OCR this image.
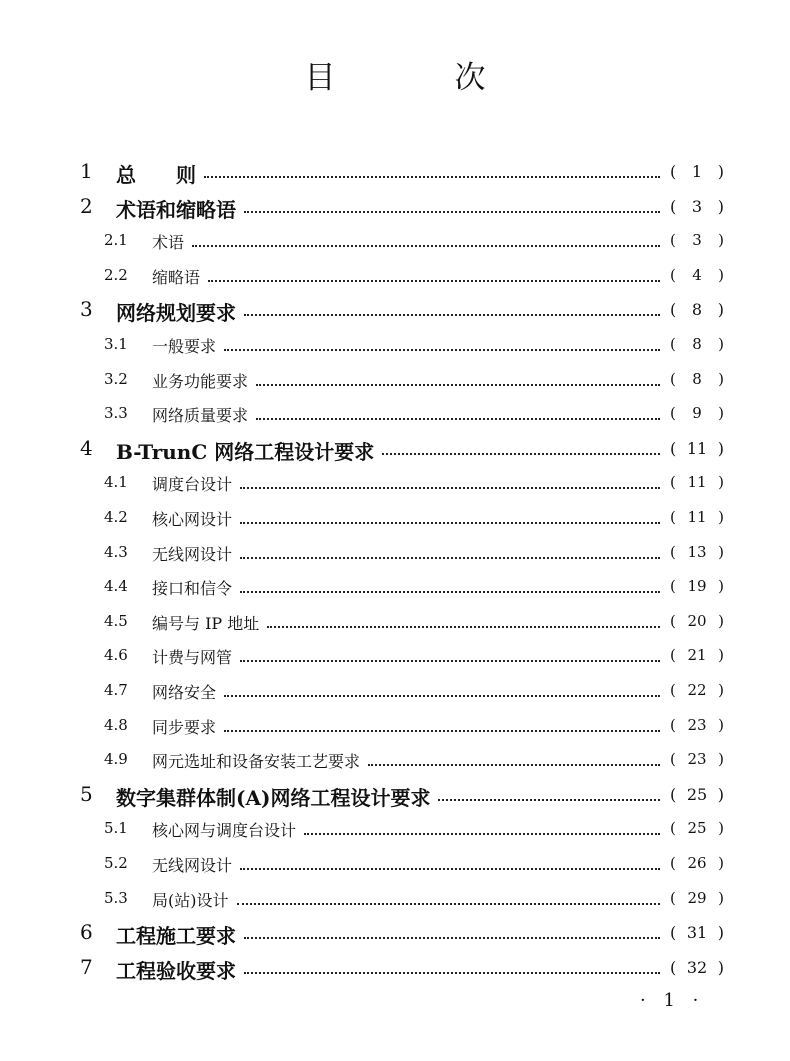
目　次
1 总　　则	( 1 )
2 术语和缩略语	( 3 )
2.1 术语	( 3 )
2.2 缩略语	( 4 )
3 网络规划要求	( 8 )
3.1 一般要求	( 8 )
3.2 业务功能要求	( 8 )
3.3 网络质量要求	( 9 )
4 B-TrunC 网络工程设计要求	( 11 )
4.1 调度台设计	( 11 )
4.2 核心网设计	( 11 )
4.3 无线网设计	( 13 )
4.4 接口和信令	( 19 )
4.5 编号与 IP 地址	( 20 )
4.6 计费与网管	( 21 )
4.7 网络安全	( 22 )
4.8 同步要求	( 23 )
4.9 网元选址和设备安装工艺要求	( 23 )
5 数字集群体制(A)网络工程设计要求	( 25 )
5.1 核心网与调度台设计	( 25 )
5.2 无线网设计	( 26 )
5.3 局(站)设计	( 29 )
6 工程施工要求	( 31 )
7 工程验收要求	( 32 )
· 1 ·
